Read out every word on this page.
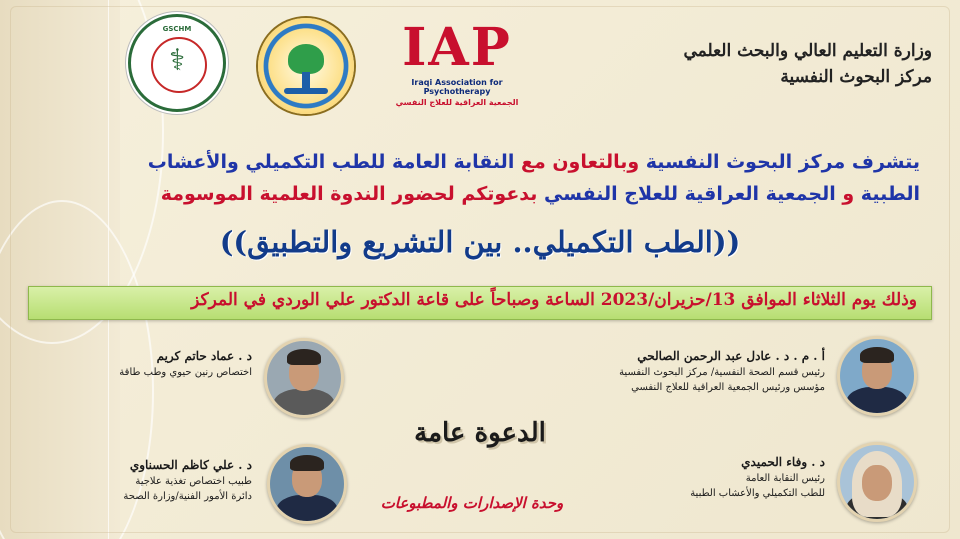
وزارة التعليم العالي والبحث العلمي
مركز البحوث النفسية
GSCHM
⚕	IAP
Iraqi Association for Psychotherapy
الجمعية العراقية للعلاج النفسي
يتشرف مركز البحوث النفسية وبالتعاون مع النقابة العامة للطب التكميلي والأعشاب
الطبية و الجمعية العراقية للعلاج النفسي بدعوتكم لحضور الندوة العلمية الموسومة
((الطب التكميلي.. بين التشريع والتطبيق))
وذلك يوم الثلاثاء الموافق 13/حزيران/2023 الساعة وصباحاً على قاعة الدكتور علي الوردي في المركز
أ . م . د . عادل عبد الرحمن الصالحي
رئيس قسم الصحة النفسية/ مركز البحوث النفسية
مؤسس ورئيس الجمعية العراقية للعلاج النفسي
د . عماد حاتم كريم
اختصاص رنين حيوي وطب طاقة
الدعوة عامة
د . وفاء الحميدي
رئيس النقابة العامة
للطب التكميلي والأعشاب الطبية
د . علي كاظم الحسناوي
طبيب اختصاص تغذية علاجية
دائرة الأمور الفنية/وزارة الصحة	وحدة الإصدارات والمطبوعات
